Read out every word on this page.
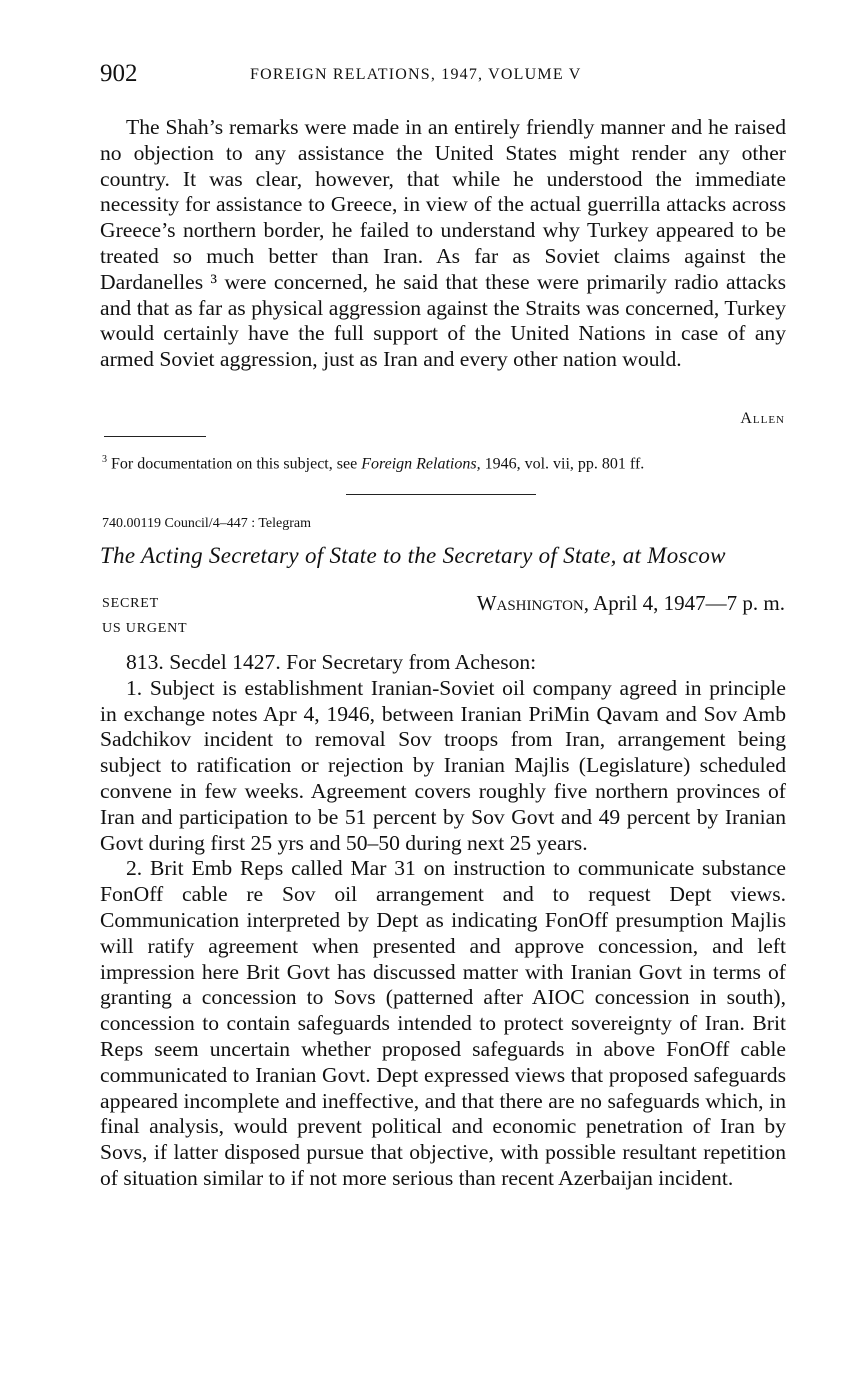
902	FOREIGN RELATIONS, 1947, VOLUME V

The Shah’s remarks were made in an entirely friendly manner and he raised no objection to any assistance the United States might render any other country. It was clear, however, that while he understood the immediate necessity for assistance to Greece, in view of the actual guerrilla attacks across Greece’s northern border, he failed to understand why Turkey appeared to be treated so much better than Iran. As far as Soviet claims against the Dardanelles ³ were concerned, he said that these were primarily radio attacks and that as far as physical aggression against the Straits was concerned, Turkey would certainly have the full support of the United Nations in case of any armed Soviet aggression, just as Iran and every other nation would.

Allen
$^3$ For documentation on this subject, see Foreign Relations, 1946, vol. vii, pp. 801 ff.
740.00119 Council/4–447 : Telegram
The Acting Secretary of State to the Secretary of State, at Moscow
SECRET
US URGENT
Washington, April 4, 1947—7 p. m.

813. Secdel 1427. For Secretary from Acheson:

1. Subject is establishment Iranian-Soviet oil company agreed in principle in exchange notes Apr 4, 1946, between Iranian PriMin Qavam and Sov Amb Sadchikov incident to removal Sov troops from Iran, arrangement being subject to ratification or rejection by Iranian Majlis (Legislature) scheduled convene in few weeks. Agreement covers roughly five northern provinces of Iran and participation to be 51 percent by Sov Govt and 49 percent by Iranian Govt during first 25 yrs and 50–50 during next 25 years.

2. Brit Emb Reps called Mar 31 on instruction to communicate substance FonOff cable re Sov oil arrangement and to request Dept views. Communication interpreted by Dept as indicating FonOff presumption Majlis will ratify agreement when presented and approve concession, and left impression here Brit Govt has discussed matter with Iranian Govt in terms of granting a concession to Sovs (patterned after AIOC concession in south), concession to contain safeguards intended to protect sovereignty of Iran. Brit Reps seem uncertain whether proposed safeguards in above FonOff cable communicated to Iranian Govt. Dept expressed views that proposed safeguards appeared incomplete and ineffective, and that there are no safeguards which, in final analysis, would prevent political and economic penetration of Iran by Sovs, if latter disposed pursue that objective, with possible resultant repetition of situation similar to if not more serious than recent Azerbaijan incident.
